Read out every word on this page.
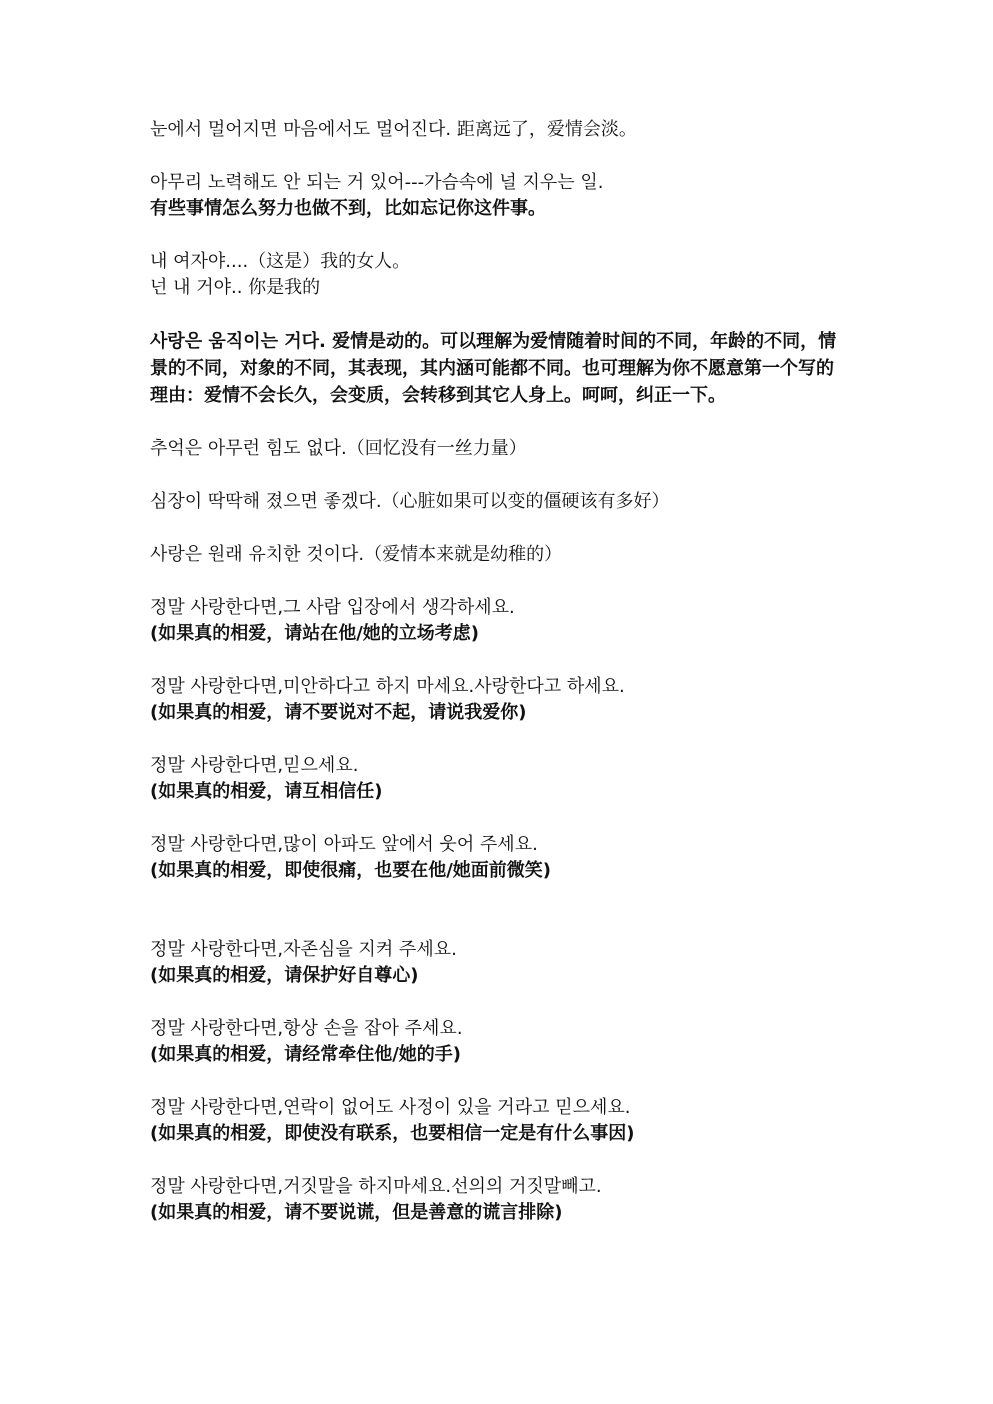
눈에서 멀어지면 마음에서도 멀어진다. 距离远了，爱情会淡。
아무리 노력해도 안 되는 거 있어---가슴속에 널 지우는 일.
有些事情怎么努力也做不到，比如忘记你这件事。
내 여자야....（这是）我的女人。
넌 내 거야.. 你是我的
사랑은 움직이는 거다. 爱情是动的。可以理解为爱情随着时间的不同，年龄的不同，情景的不同，对象的不同，其表现，其内涵可能都不同。也可理解为你不愿意第一个写的理由：爱情不会长久，会变质，会转移到其它人身上。呵呵，纠正一下。
추억은 아무런 힘도 없다.（回忆没有一丝力量）
심장이 딱딱해 졌으면 좋겠다.（心脏如果可以变的僵硬该有多好）
사랑은 원래 유치한 것이다.（爱情本来就是幼稚的）
정말 사랑한다면,그 사람 입장에서 생각하세요.
(如果真的相爱，请站在他/她的立场考虑)
정말 사랑한다면,미안하다고 하지 마세요.사랑한다고 하세요.
(如果真的相爱，请不要说对不起，请说我爱你)
정말 사랑한다면,믿으세요.
(如果真的相爱，请互相信任)
정말 사랑한다면,많이 아파도 앞에서 웃어 주세요.
(如果真的相爱，即使很痛，也要在他/她面前微笑)
정말 사랑한다면,자존심을 지켜 주세요.
(如果真的相爱，请保护好自尊心)
정말 사랑한다면,항상 손을 잡아 주세요.
(如果真的相爱，请经常牵住他/她的手)
정말 사랑한다면,연락이 없어도 사정이 있을 거라고 믿으세요.
(如果真的相爱，即使没有联系，也要相信一定是有什么事因)
정말 사랑한다면,거짓말을 하지마세요.선의의 거짓말빼고.
(如果真的相爱，请不要说谎，但是善意的谎言排除)
